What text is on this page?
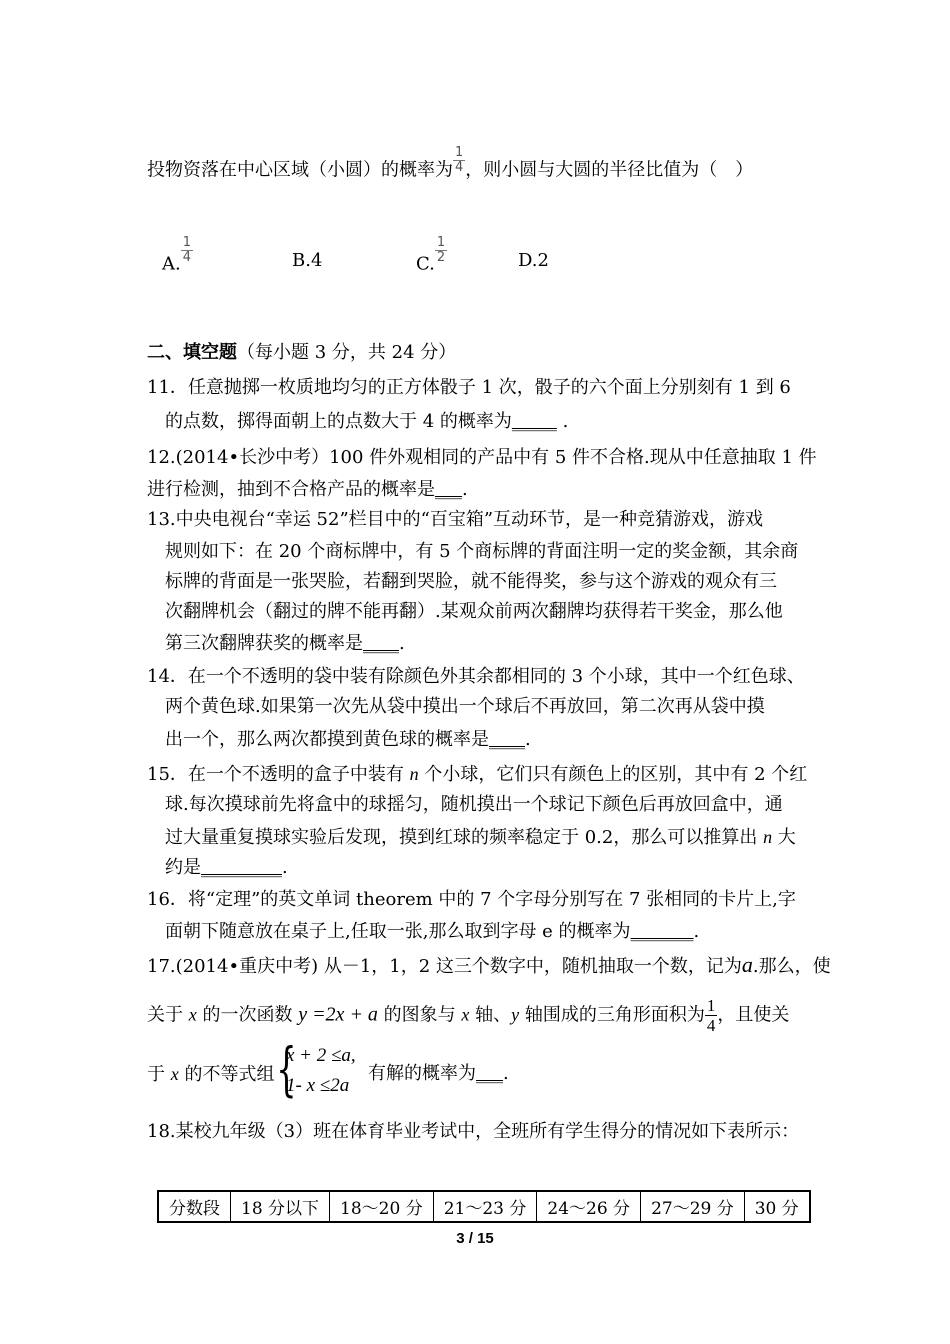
投物资落在中心区域（小圆）的概率为 $\frac{1}{4}$ ，则小圆与大圆的半径比值为（　）
A. $\frac{1}{4}$	B.4	C. $\frac{1}{2}$	D.2
二、填空题（每小题 3 分，共 24 分）
11．任意抛掷一枚质地均匀的正方体骰子 1 次，骰子的六个面上分别刻有 1 到 6
的点数，掷得面朝上的点数大于 4 的概率为_____ .
12.(2014•长沙中考）100 件外观相同的产品中有 5 件不合格.现从中任意抽取 1 件
进行检测，抽到不合格产品的概率是___.
13.中央电视台“幸运 52”栏目中的“百宝箱”互动环节，是一种竞猜游戏，游戏
规则如下：在 20 个商标牌中，有 5 个商标牌的背面注明一定的奖金额，其余商
标牌的背面是一张哭脸，若翻到哭脸，就不能得奖，参与这个游戏的观众有三
次翻牌机会（翻过的牌不能再翻）.某观众前两次翻牌均获得若干奖金，那么他
第三次翻牌获奖的概率是____.
14．在一个不透明的袋中装有除颜色外其余都相同的 3 个小球，其中一个红色球、
两个黄色球.如果第一次先从袋中摸出一个球后不再放回，第二次再从袋中摸
出一个，那么两次都摸到黄色球的概率是____.
15．在一个不透明的盒子中装有 n 个小球，它们只有颜色上的区别，其中有 2 个红
球.每次摸球前先将盒中的球摇匀，随机摸出一个球记下颜色后再放回盒中，通
过大量重复摸球实验后发现，摸到红球的频率稳定于 0.2，那么可以推算出 n 大
约是_________.
16．将“定理”的英文单词 theorem 中的 7 个字母分别写在 7 张相同的卡片上,字
面朝下随意放在桌子上,任取一张,那么取到字母 e 的概率为_______.
17.(2014•重庆中考) 从－1，1，2 这三个数字中，随机抽取一个数，记为a.那么，使
关于 x 的一次函数 y =2x + a 的图象与 x 轴、y 轴围成的三角形面积为 $\frac{1}{4}$ ，且使关
于 x 的不等式组 {
x + 2 ≤a,
1- x ≤2a
有解的概率为___.
18.某校九年级（3）班在体育毕业考试中，全班所有学生得分的情况如下表所示：
分数段	18 分以下	18～20 分	21～23 分	24～26 分	27～29 分	30 分
3 / 15
